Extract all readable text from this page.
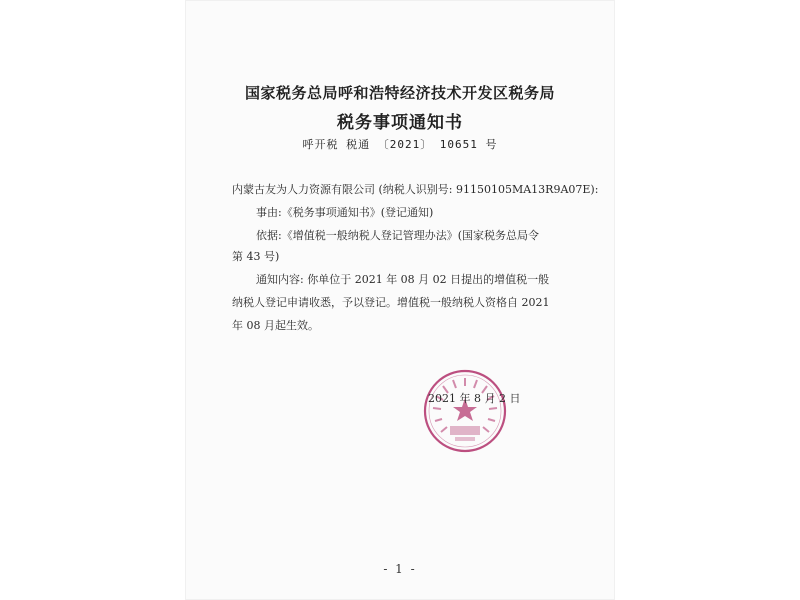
国家税务总局呼和浩特经济技术开发区税务局
税务事项通知书
呼开税 税通 〔2021〕 10651 号
内蒙古友为人力资源有限公司 (纳税人识别号: 91150105MA13R9A07E):
事由:《税务事项通知书》(登记通知)
依据:《增值税一般纳税人登记管理办法》(国家税务总局令
第 43 号)
通知内容: 你单位于 2021 年 08 月 02 日提出的增值税一般
纳税人登记申请收悉，予以登记。增值税一般纳税人资格自 2021
年 08 月起生效。
2021 年 8 月 2 日
- 1 -
